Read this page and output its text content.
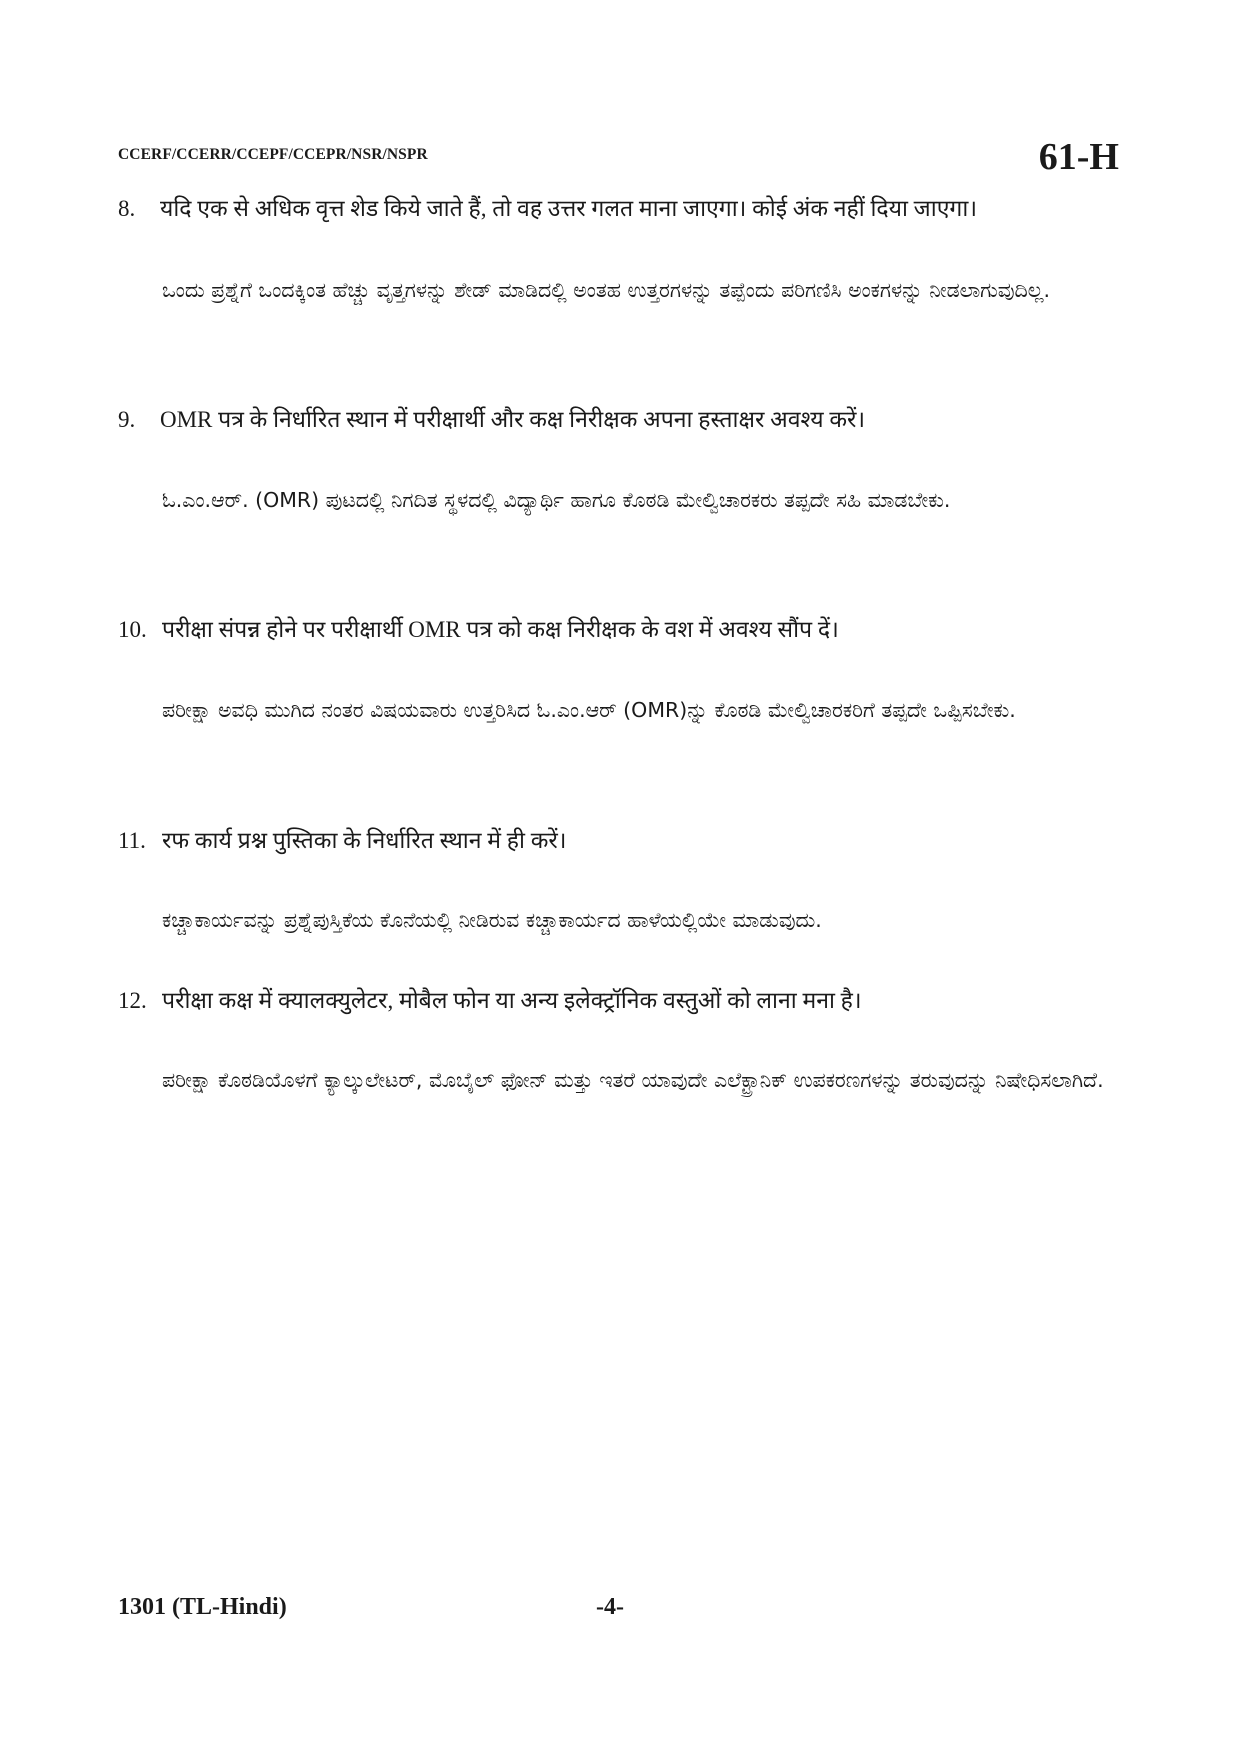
CCERF/CCERR/CCEPF/CCEPR/NSR/NSPR	61-H
8. यदि एक से अधिक वृत्त शेड किये जाते हैं, तो वह उत्तर गलत माना जाएगा। कोई अंक नहीं दिया जाएगा।
ಒಂದು ಪ್ರಶ್ನೆಗೆ ಒಂದಕ್ಕಿಂತ ಹೆಚ್ಚು ವೃತ್ತಗಳನ್ನು ಶೇಡ್ ಮಾಡಿದಲ್ಲಿ ಅಂತಹ ಉತ್ತರಗಳನ್ನು ತಪ್ಪೆಂದು ಪರಿಗಣಿಸಿ ಅಂಕಗಳನ್ನು ನೀಡಲಾಗುವುದಿಲ್ಲ.
9. OMR पत्र के निर्धारित स्थान में परीक्षार्थी और कक्ष निरीक्षक अपना हस्ताक्षर अवश्य करें।
ಓ.ಎಂ.ಆರ್. (OMR) ಪುಟದಲ್ಲಿ ನಿಗದಿತ ಸ್ಥಳದಲ್ಲಿ ವಿದ್ಯಾರ್ಥಿ ಹಾಗೂ ಕೊಠಡಿ ಮೇಲ್ವಿಚಾರಕರು ತಪ್ಪದೇ ಸಹಿ ಮಾಡಬೇಕು.
10. परीक्षा संपन्न होने पर परीक्षार्थी OMR पत्र को कक्ष निरीक्षक के वश में अवश्य सौंप दें।
ಪರೀಕ್ಷಾ ಅವಧಿ ಮುಗಿದ ನಂತರ ವಿಷಯವಾರು ಉತ್ತರಿಸಿದ ಓ.ಎಂ.ಆರ್ (OMR)ನ್ನು ಕೊಠಡಿ ಮೇಲ್ವಿಚಾರಕರಿಗೆ ತಪ್ಪದೇ ಒಪ್ಪಿಸಬೇಕು.
11. रफ कार्य प्रश्न पुस्तिका के निर्धारित स्थान में ही करें।
ಕಚ್ಚಾಕಾರ್ಯವನ್ನು ಪ್ರಶ್ನೆಪುಸ್ತಿಕೆಯ ಕೊನೆಯಲ್ಲಿ ನೀಡಿರುವ ಕಚ್ಚಾಕಾರ್ಯದ ಹಾಳೆಯಲ್ಲಿಯೇ ಮಾಡುವುದು.
12. परीक्षा कक्ष में क्यालक्युलेटर, मोबैल फोन या अन्य इलेक्ट्रॉनिक वस्तुओं को लाना मना है।
ಪರೀಕ್ಷಾ ಕೊಠಡಿಯೊಳಗೆ ಕ್ಯಾಲ್ಕುಲೇಟರ್, ಮೊಬೈಲ್ ಫೋನ್ ಮತ್ತು ಇತರೆ ಯಾವುದೇ ಎಲೆಕ್ಟ್ರಾನಿಕ್ ಉಪಕರಣಗಳನ್ನು ತರುವುದನ್ನು ನಿಷೇಧಿಸಲಾಗಿದೆ.
1301 (TL-Hindi)	-4-
